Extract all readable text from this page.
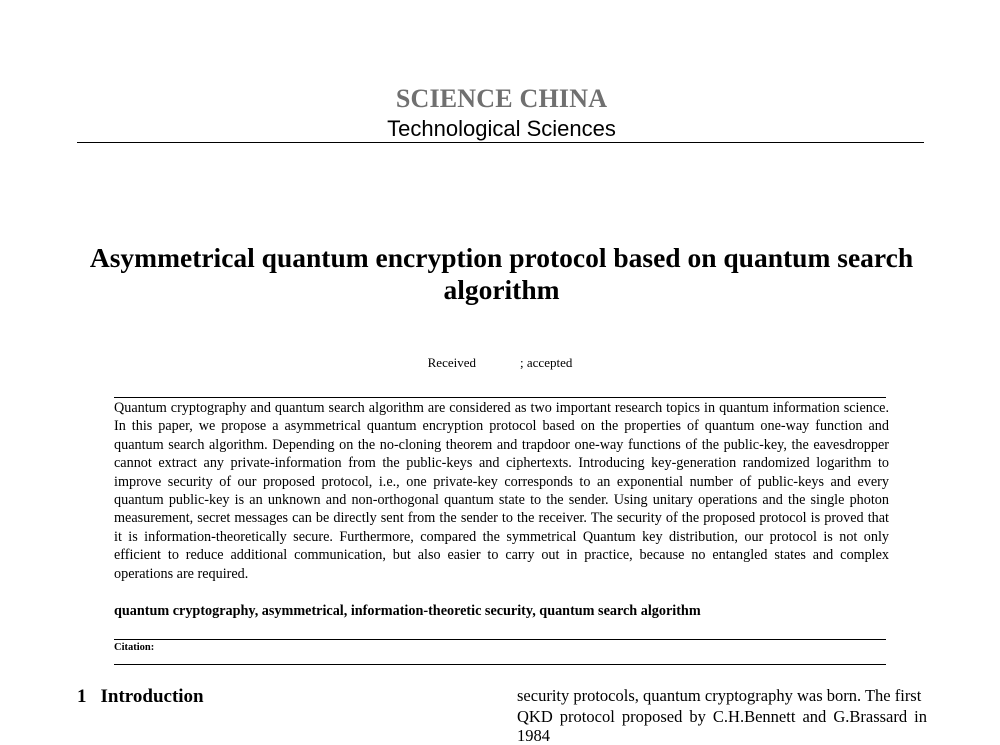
SCIENCE CHINA
Technological Sciences
Asymmetrical quantum encryption protocol based on quantum search algorithm
Received	; accepted
Quantum cryptography and quantum search algorithm are considered as two important research topics in quantum information science. In this paper, we propose a asymmetrical quantum encryption protocol based on the properties of quantum one-way function and quantum search algorithm. Depending on the no-cloning theorem and trapdoor one-way functions of the public-key, the eavesdropper cannot extract any private-information from the public-keys and ciphertexts. Introducing key-generation randomized logarithm to improve security of our proposed protocol, i.e., one private-key corresponds to an exponential number of public-keys and every quantum public-key is an unknown and non-orthogonal quantum state to the sender. Using unitary operations and the single photon measurement, secret messages can be directly sent from the sender to the receiver. The security of the proposed protocol is proved that it is information-theoretically secure. Furthermore, compared the symmetrical Quantum key distribution, our protocol is not only efficient to reduce additional communication, but also easier to carry out in practice, because no entangled states and complex operations are required.
quantum cryptography, asymmetrical, information-theoretic security, quantum search algorithm
Citation:
1 Introduction	security protocols, quantum cryptography was born. The first
QKD protocol proposed by C.H.Bennett and G.Brassard in 1984
